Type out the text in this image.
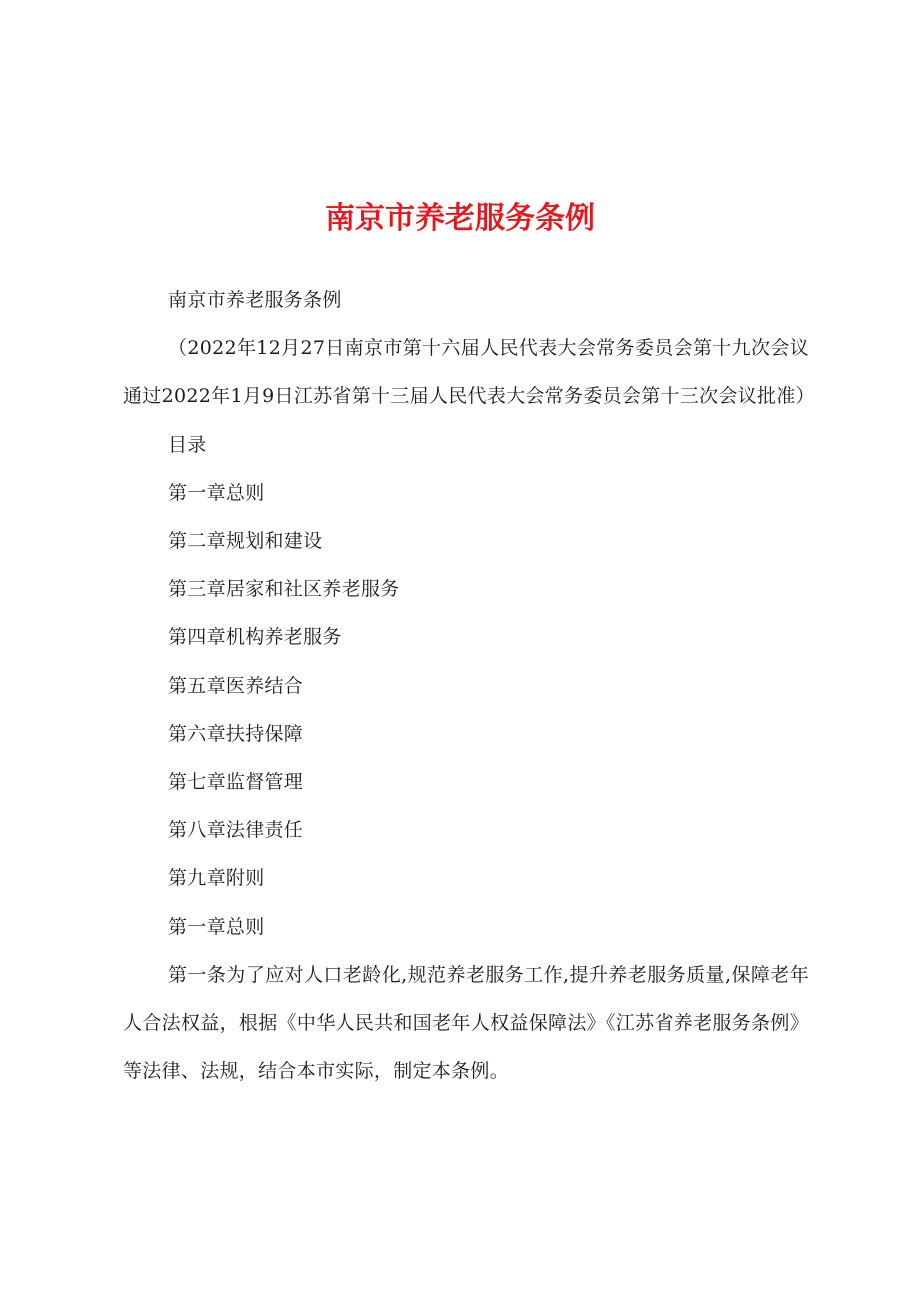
南京市养老服务条例

南京市养老服务条例

（2022年12月27日南京市第十六届人民代表大会常务委员会第十九次会议通过2022年1月9日江苏省第十三届人民代表大会常务委员会第十三次会议批准）

目录

第一章总则

第二章规划和建设

第三章居家和社区养老服务

第四章机构养老服务

第五章医养结合

第六章扶持保障

第七章监督管理

第八章法律责任

第九章附则

第一章总则

第一条为了应对人口老龄化,规范养老服务工作,提升养老服务质量,保障老年人合法权益，根据《中华人民共和国老年人权益保障法》《江苏省养老服务条例》等法律、法规，结合本市实际，制定本条例。
